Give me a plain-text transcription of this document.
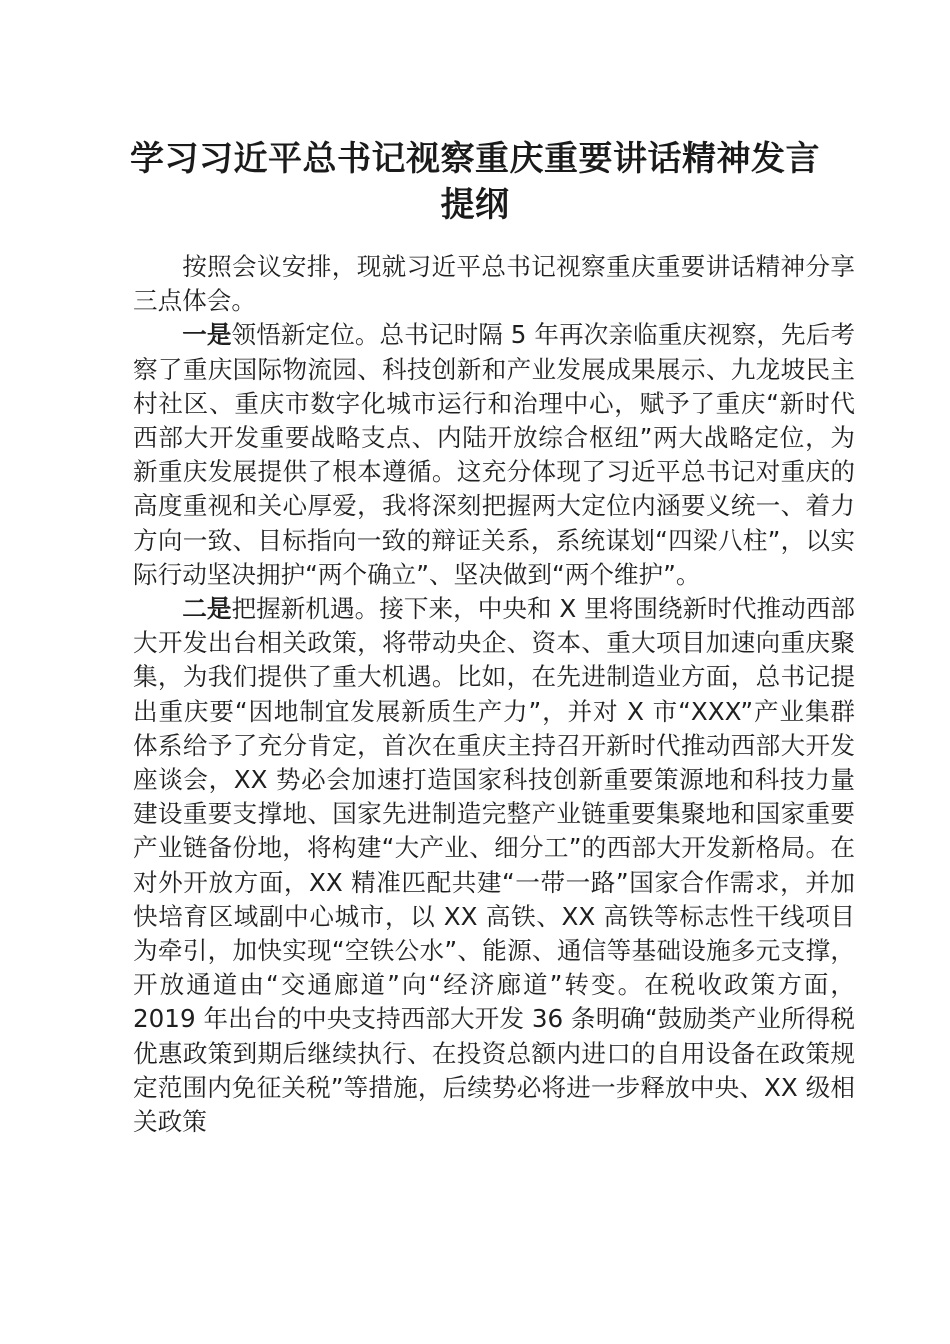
学习习近平总书记视察重庆重要讲话精神发言
提纲

按照会议安排，现就习近平总书记视察重庆重要讲话精神分享三点体会。

一是领悟新定位。总书记时隔 5 年再次亲临重庆视察，先后考察了重庆国际物流园、科技创新和产业发展成果展示、九龙坡民主村社区、重庆市数字化城市运行和治理中心，赋予了重庆“新时代西部大开发重要战略支点、内陆开放综合枢纽”两大战略定位，为新重庆发展提供了根本遵循。这充分体现了习近平总书记对重庆的高度重视和关心厚爱，我将深刻把握两大定位内涵要义统一、着力方向一致、目标指向一致的辩证关系，系统谋划“四梁八柱”，以实际行动坚决拥护“两个确立”、坚决做到“两个维护”。

二是把握新机遇。接下来，中央和 X 里将围绕新时代推动西部大开发出台相关政策，将带动央企、资本、重大项目加速向重庆聚集，为我们提供了重大机遇。比如，在先进制造业方面，总书记提出重庆要“因地制宜发展新质生产力”，并对 X 市“XXX”产业集群体系给予了充分肯定，首次在重庆主持召开新时代推动西部大开发座谈会，XX 势必会加速打造国家科技创新重要策源地和科技力量建设重要支撑地、国家先进制造完整产业链重要集聚地和国家重要产业链备份地，将构建“大产业、细分工”的西部大开发新格局。在对外开放方面，XX 精准匹配共建“一带一路”国家合作需求，并加快培育区域副中心城市，以 XX 高铁、XX 高铁等标志性干线项目为牵引，加快实现“空铁公水”、能源、通信等基础设施多元支撑，开放通道由“交通廊道”向“经济廊道”转变。在税收政策方面，2019 年出台的中央支持西部大开发 36 条明确“鼓励类产业所得税优惠政策到期后继续执行、在投资总额内进口的自用设备在政策规定范围内免征关税”等措施，后续势必将进一步释放中央、XX 级相关政策
